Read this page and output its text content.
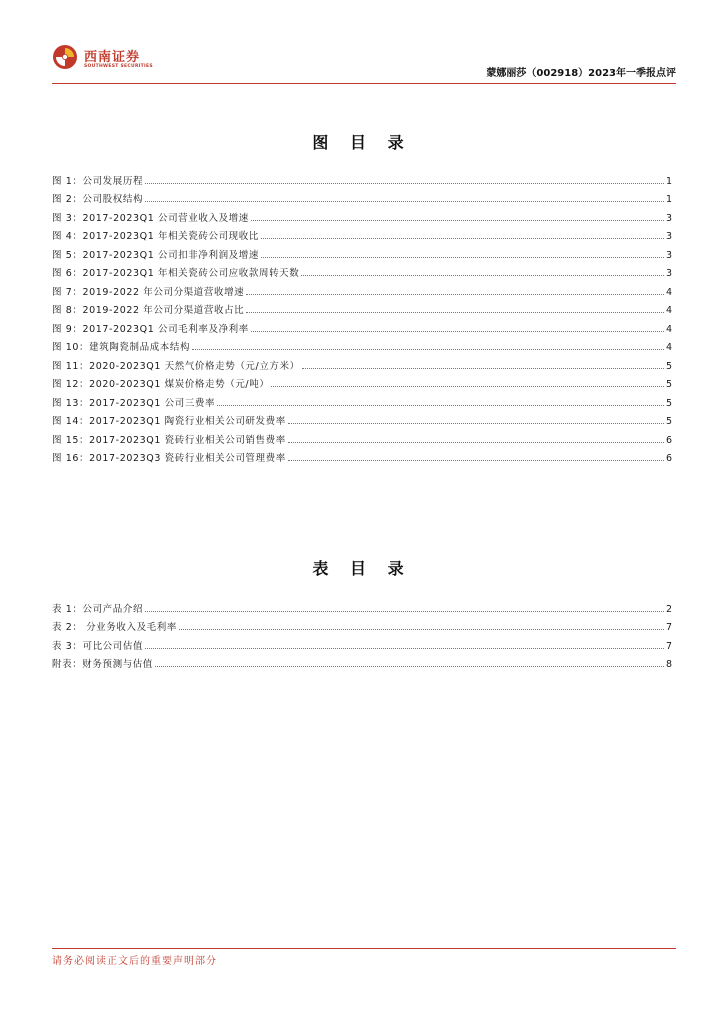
西南证券
SOUTHWEST SECURITIES
蒙娜丽莎（002918）2023年一季报点评
图 目 录
图 1：公司发展历程	1
图 2：公司股权结构	1
图 3：2017-2023Q1 公司营业收入及增速	3
图 4：2017-2023Q1 年相关瓷砖公司现收比	3
图 5：2017-2023Q1 公司扣非净利润及增速	3
图 6：2017-2023Q1 年相关瓷砖公司应收款周转天数	3
图 7：2019-2022 年公司分渠道营收增速	4
图 8：2019-2022 年公司分渠道营收占比	4
图 9：2017-2023Q1 公司毛利率及净利率	4
图 10：建筑陶瓷制品成本结构	4
图 11：2020-2023Q1 天然气价格走势（元/立方米）	5
图 12：2020-2023Q1 煤炭价格走势（元/吨）	5
图 13：2017-2023Q1 公司三费率	5
图 14：2017-2023Q1 陶瓷行业相关公司研发费率	5
图 15：2017-2023Q1 瓷砖行业相关公司销售费率	6
图 16：2017-2023Q3 瓷砖行业相关公司管理费率	6
表 目 录
表 1：公司产品介绍	2
表 2： 分业务收入及毛利率	7
表 3：可比公司估值	7
附表：财务预测与估值	8
请务必阅读正文后的重要声明部分
